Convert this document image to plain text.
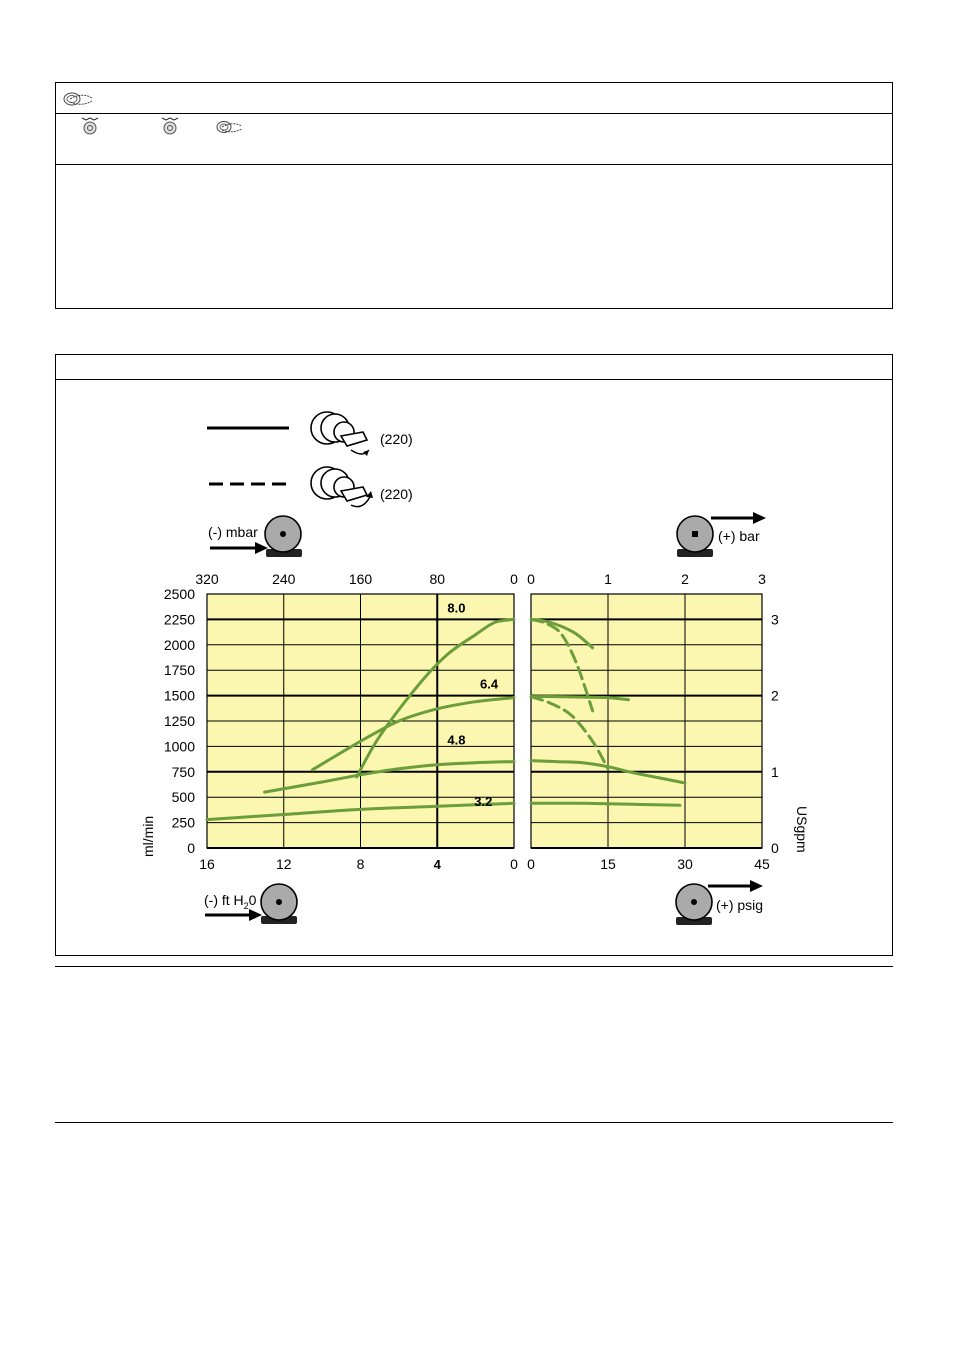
(220)
(220)
(-) mbar	(+) bar
(-) ft $H_20$	(+) psig
8.0
6.4
4.8
3.2
0
250
500
750
1000
1250
1500
1750
2000
2250
2500
0
1
2
3
16
320
12
240
8
160
4
80
0
0
0
0
15
1
30
2
45
3
ml/min	USgpm
